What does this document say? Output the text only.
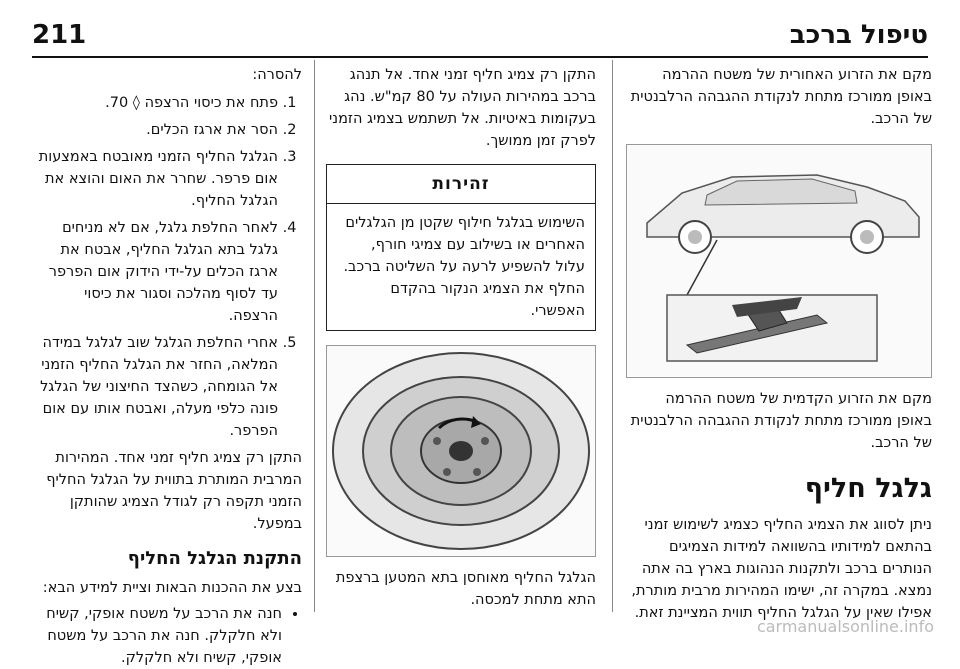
211	טיפול ברכב

מקם את הזרוע האחורית של משטח ההרמה באופן ממורכז מתחת לנקודת ההגבהה הרלבנטית של הרכב.

מקם את הזרוע הקדמית של משטח ההרמה באופן ממורכז מתחת לנקודת ההגבהה הרלבנטית של הרכב.

גלגל חליף

ניתן לסווג את הצמיג החליף כצמיג לשימוש זמני בהתאם למידותיו בהשוואה למידות הצמיגים הנותרים ברכב ולתקנות הנהוגות בארץ בה אתה נמצא. במקרה זה, ישימו המהירות מרבית מותרת, אפילו שאין על הגלגל החליף תווית המציינת זאת.

התקן רק צמיג חליף זמני אחד. אל תנהג ברכב במהירות העולה על 80 קמ"ש. נהג בעקומות באיטיות. אל תשתמש בצמיג הזמני לפרק זמן ממושך.

זהירות
השימוש בגלגל חילוף שקטן מן הגלגלים האחרים או בשילוב עם צמיגי חורף, עלול להשפיע לרעה על השליטה ברכב. החלף את הצמיג הנקור בהקדם האפשרי.

הגלגל החליף מאוחסן בתא המטען ברצפת התא מתחת למכסה.

להסרה:

1. פתח את כיסוי הרצפה ◊ 70.
2. הסר את ארגז הכלים.
3. הגלגל החליף הזמני מאובטח באמצעות אום פרפר. שחרר את האום והוצא את הגלגל החליף.
4. לאחר החלפת גלגל, אם לא מניחים גלגל בתא הגלגל החליף, אבטח את ארגז הכלים על-ידי הידוק אום הפרפר עד לסוף מהלכה וסגור את כיסוי הרצפה.
5. אחרי החלפת הגלגל שוב לגלגל במידה המלאה, החזר את הגלגל החליף הזמני אל הגומחה, כשהצד החיצוני של הגלגל פונה כלפי מעלה, ואבטח אותו עם אום הפרפר.

התקן רק צמיג חליף זמני אחד. המהירות המרבית המותרת בתווית על הגלגל החליף הזמני תקפה רק לגודל הצמיג שהותקן במפעל.

התקנת הגלגל החליף

בצע את ההכנות הבאות וציית למידע הבא:

• חנה את הרכב על משטח אופקי, קשיח ולא חלקלק. חנה את הרכב על משטח אופקי, קשיח ולא חלקלק.
carmanualsonline.info
